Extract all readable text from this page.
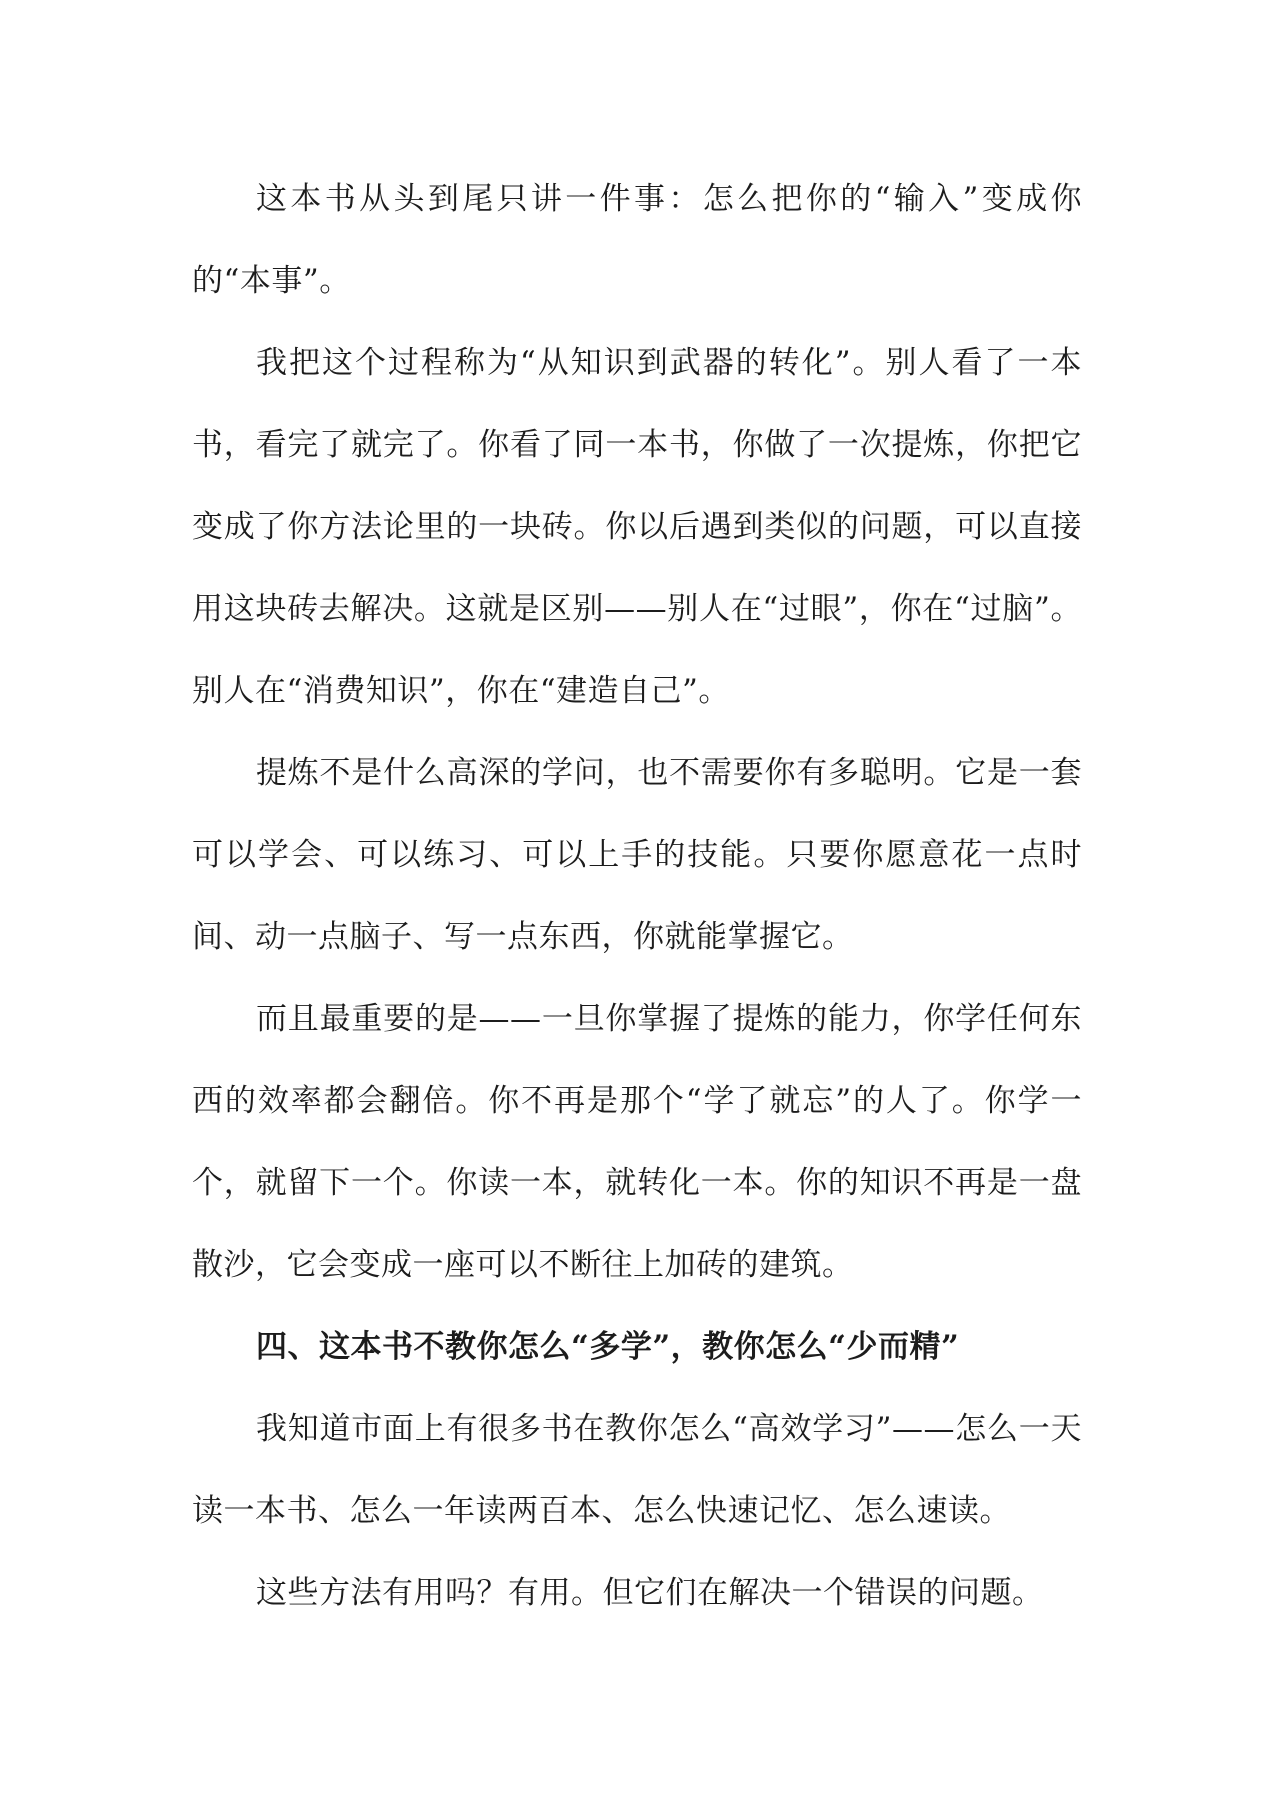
这本书从头到尾只讲一件事：怎么把你的“输入”变成你的“本事”。

我把这个过程称为“从知识到武器的转化”。别人看了一本书，看完了就完了。你看了同一本书，你做了一次提炼，你把它变成了你方法论里的一块砖。你以后遇到类似的问题，可以直接用这块砖去解决。这就是区别——别人在“过眼”，你在“过脑”。别人在“消费知识”，你在“建造自己”。

提炼不是什么高深的学问，也不需要你有多聪明。它是一套可以学会、可以练习、可以上手的技能。只要你愿意花一点时间、动一点脑子、写一点东西，你就能掌握它。

而且最重要的是——一旦你掌握了提炼的能力，你学任何东西的效率都会翻倍。你不再是那个“学了就忘”的人了。你学一个，就留下一个。你读一本，就转化一本。你的知识不再是一盘散沙，它会变成一座可以不断往上加砖的建筑。

四、这本书不教你怎么“多学”，教你怎么“少而精”

我知道市面上有很多书在教你怎么“高效学习”——怎么一天读一本书、怎么一年读两百本、怎么快速记忆、怎么速读。

这些方法有用吗？有用。但它们在解决一个错误的问题。
